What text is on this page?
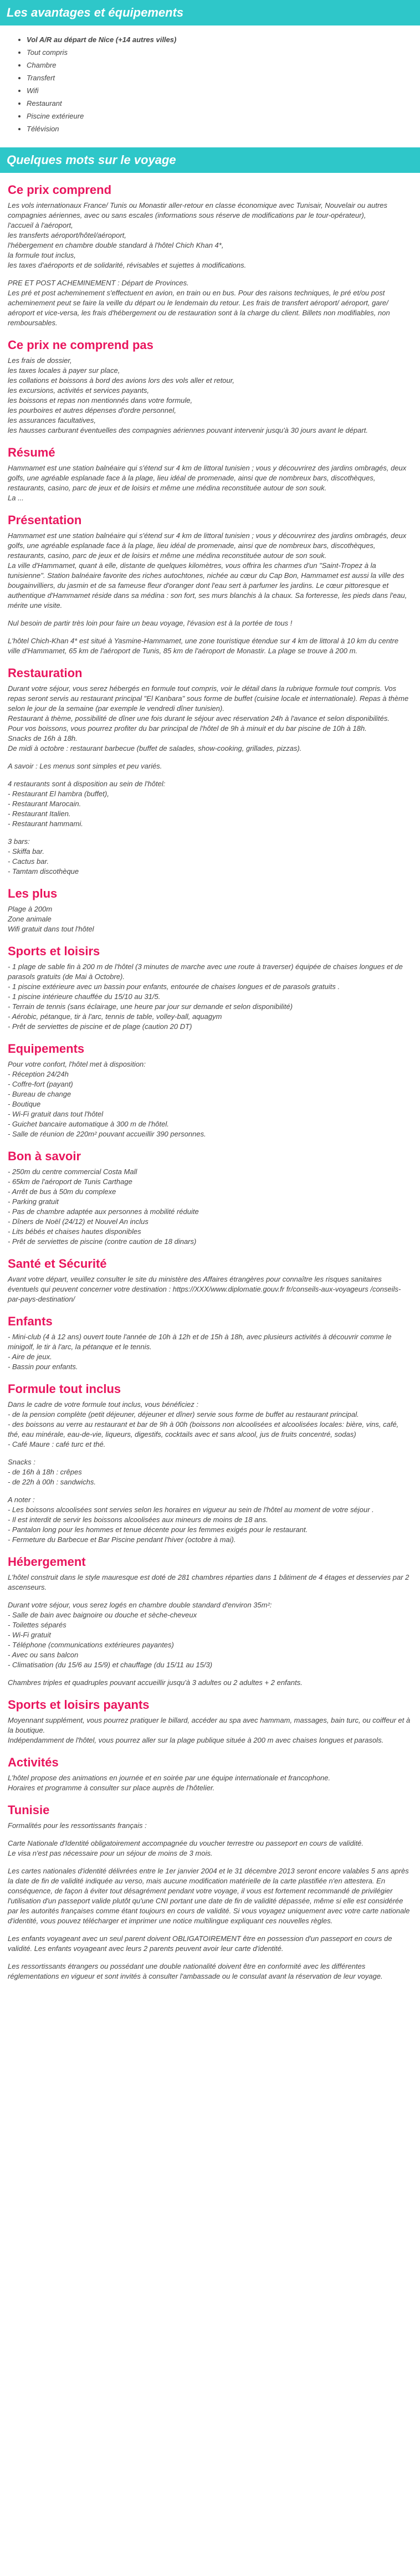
Les avantages et équipements
• Vol A/R au départ de Nice (+14 autres villes)
• Tout compris
• Chambre
• Transfert
• Wifi
• Restaurant
• Piscine extérieure
• Télévision
Quelques mots sur le voyage
Ce prix comprend

Les vols internationaux France/ Tunis ou Monastir aller-retour en classe économique avec Tunisair, Nouvelair ou autres compagnies aériennes, avec ou sans escales (informations sous réserve de modifications par le tour-opérateur),
l'accueil à l'aéroport,
les transferts aéroport/hôtel/aéroport,
l'hébergement en chambre double standard à l'hôtel Chich Khan 4*,
la formule tout inclus,
les taxes d'aéroports et de solidarité, révisables et sujettes à modifications.

PRE ET POST ACHEMINEMENT : Départ de Provinces.
Les pré et post acheminement s'effectuent en avion, en train ou en bus. Pour des raisons techniques, le pré et/ou post acheminement peut se faire la veille du départ ou le lendemain du retour. Les frais de transfert aéroport/ aéroport, gare/ aéroport et vice-versa, les frais d'hébergement ou de restauration sont à la charge du client. Billets non modifiables, non remboursables.

Ce prix ne comprend pas

Les frais de dossier,
les taxes locales à payer sur place,
les collations et boissons à bord des avions lors des vols aller et retour,
les excursions, activités et services payants,
les boissons et repas non mentionnés dans votre formule,
les pourboires et autres dépenses d'ordre personnel,
les assurances facultatives,
les hausses carburant éventuelles des compagnies aériennes pouvant intervenir jusqu'à 30 jours avant le départ.

Résumé

Hammamet est une station balnéaire qui s'étend sur 4 km de littoral tunisien ; vous y découvrirez des jardins ombragés, deux golfs, une agréable esplanade face à la plage, lieu idéal de promenade, ainsi que de nombreux bars, discothèques, restaurants, casino, parc de jeux et de loisirs et même une médina reconstituée autour de son souk.
La ...

Présentation

Hammamet est une station balnéaire qui s'étend sur 4 km de littoral tunisien ; vous y découvrirez des jardins ombragés, deux golfs, une agréable esplanade face à la plage, lieu idéal de promenade, ainsi que de nombreux bars, discothèques, restaurants, casino, parc de jeux et de loisirs et même une médina reconstituée autour de son souk.
La ville d'Hammamet, quant à elle, distante de quelques kilomètres, vous offrira les charmes d'un "Saint-Tropez à la tunisienne". Station balnéaire favorite des riches autochtones, nichée au cœur du Cap Bon, Hammamet est aussi la ville des bougainvilliers, du jasmin et de sa fameuse fleur d'oranger dont l'eau sert à parfumer les jardins. Le cœur pittoresque et authentique d'Hammamet réside dans sa médina : son fort, ses murs blanchis à la chaux. Sa forteresse, les pieds dans l'eau, mérite une visite.

Nul besoin de partir très loin pour faire un beau voyage, l'évasion est à la portée de tous !

L'hôtel Chich-Khan 4* est situé à Yasmine-Hammamet, une zone touristique étendue sur 4 km de littoral à 10 km du centre ville d'Hammamet, 65 km de l'aéroport de Tunis, 85 km de l'aéroport de Monastir. La plage se trouve à 200 m.

Restauration

Durant votre séjour, vous serez hébergés en formule tout compris, voir le détail dans la rubrique formule tout compris. Vos repas seront servis au restaurant principal "El Kanbara" sous forme de buffet (cuisine locale et internationale). Repas à thème selon le jour de la semaine (par exemple le vendredi dîner tunisien).
Restaurant à thème, possibilité de dîner une fois durant le séjour avec réservation 24h à l'avance et selon disponibilités.
Pour vos boissons, vous pourrez profiter du bar principal de l'hôtel de 9h à minuit et du bar piscine de 10h à 18h.
Snacks de 16h à 18h.
De midi à octobre : restaurant barbecue (buffet de salades, show-cooking, grillades, pizzas).

A savoir : Les menus sont simples et peu variés.

4 restaurants sont à disposition au sein de l'hôtel:
- Restaurant El hambra (buffet),
- Restaurant Marocain.
- Restaurant Italien.
- Restaurant hammami.

3 bars:
- Skiffa bar.
- Cactus bar.
- Tamtam discothèque

Les plus

Plage à 200m
Zone animale
Wifi gratuit dans tout l'hôtel

Sports et loisirs

- 1 plage de sable fin à 200 m de l'hôtel (3 minutes de marche avec une route à traverser) équipée de chaises longues et de parasols gratuits (de Mai à Octobre).
- 1 piscine extérieure avec un bassin pour enfants, entourée de chaises longues et de parasols gratuits .
- 1 piscine intérieure chauffée du 15/10 au 31/5.
- Terrain de tennis (sans éclairage, une heure par jour sur demande et selon disponibilité)
- Aérobic, pétanque, tir à l'arc, tennis de table, volley-ball, aquagym
- Prêt de serviettes de piscine et de plage (caution 20 DT)

Equipements

Pour votre confort, l'hôtel met à disposition:
- Réception 24/24h
- Coffre-fort (payant)
- Bureau de change
- Boutique
- Wi-Fi gratuit dans tout l'hôtel
- Guichet bancaire automatique à 300 m de l'hôtel.
- Salle de réunion de 220m² pouvant accueillir 390 personnes.

Bon à savoir

- 250m du centre commercial Costa Mall
- 65km de l'aéroport de Tunis Carthage
- Arrêt de bus à 50m du complexe
- Parking gratuit
- Pas de chambre adaptée aux personnes à mobilité réduite
- Dîners de Noël (24/12) et Nouvel An inclus
- Lits bébés et chaises hautes disponibles
- Prêt de serviettes de piscine (contre caution de 18 dinars)

Santé et Sécurité

Avant votre départ, veuillez consulter le site du ministère des Affaires étrangères pour connaître les risques sanitaires éventuels qui peuvent concerner votre destination : https://XXX/www.diplomatie.gouv.fr fr/conseils-aux-voyageurs /conseils-par-pays-destination/

Enfants

- Mini-club (4 à 12 ans) ouvert toute l'année de 10h à 12h et de 15h à 18h, avec plusieurs activités à découvrir comme le minigolf, le tir à l'arc, la pétanque et le tennis.
- Aire de jeux.
- Bassin pour enfants.

Formule tout inclus

Dans le cadre de votre formule tout inclus, vous bénéficiez :
- de la pension complète (petit déjeuner, déjeuner et dîner) servie sous forme de buffet au restaurant principal.
- des boissons au verre au restaurant et bar de 9h à 00h (boissons non alcoolisées et alcoolisées locales: bière, vins, café, thé, eau minérale, eau-de-vie, liqueurs, digestifs, cocktails avec et sans alcool, jus de fruits concentré, sodas)
- Café Maure : café turc et thé.

Snacks :
- de 16h à 18h : crêpes
- de 22h à 00h : sandwichs.

A noter :
- Les boissons alcoolisées sont servies selon les horaires en vigueur au sein de l'hôtel au moment de votre séjour .
- Il est interdit de servir les boissons alcoolisées aux mineurs de moins de 18 ans.
- Pantalon long pour les hommes et tenue décente pour les femmes exigés pour le restaurant.
- Fermeture du Barbecue et Bar Piscine pendant l'hiver (octobre à mai).

Hébergement

L'hôtel construit dans le style mauresque est doté de 281 chambres réparties dans 1 bâtiment de 4 étages et desservies par 2 ascenseurs.

Durant votre séjour, vous serez logés en chambre double standard d'environ 35m²:
- Salle de bain avec baignoire ou douche et sèche-cheveux
- Toilettes séparés
- Wi-Fi gratuit
- Téléphone (communications extérieures payantes)
- Avec ou sans balcon
- Climatisation (du 15/6 au 15/9) et chauffage (du 15/11 au 15/3)

Chambres triples et quadruples pouvant accueillir jusqu'à 3 adultes ou 2 adultes + 2 enfants.

Sports et loisirs payants

Moyennant supplément, vous pourrez pratiquer le billard, accéder au spa avec hammam, massages, bain turc, ou coiffeur et à la boutique.
Indépendamment de l'hôtel, vous pourrez aller sur la plage publique située à 200 m avec chaises longues et parasols.

Activités

L'hôtel propose des animations en journée et en soirée par une équipe internationale et francophone.
Horaires et programme à consulter sur place auprès de l'hôtelier.

Tunisie

Formalités pour les ressortissants français :

Carte Nationale d'Identité obligatoirement accompagnée du voucher terrestre ou passeport en cours de validité.
Le visa n'est pas nécessaire pour un séjour de moins de 3 mois.

Les cartes nationales d'identité délivrées entre le 1er janvier 2004 et le 31 décembre 2013 seront encore valables 5 ans après la date de fin de validité indiquée au verso, mais aucune modification matérielle de la carte plastifiée n'en attestera. En conséquence, de façon à éviter tout désagrément pendant votre voyage, il vous est fortement recommandé de privilégier l'utilisation d'un passeport valide plutôt qu'une CNI portant une date de fin de validité dépassée, même si elle est considérée par les autorités françaises comme étant toujours en cours de validité. Si vous voyagez uniquement avec votre carte nationale d'identité, vous pouvez télécharger et imprimer une notice multilingue expliquant ces nouvelles règles.

Les enfants voyageant avec un seul parent doivent OBLIGATOIREMENT être en possession d'un passeport en cours de validité. Les enfants voyageant avec leurs 2 parents peuvent avoir leur carte d'identité.

Les ressortissants étrangers ou possédant une double nationalité doivent être en conformité avec les différentes réglementations en vigueur et sont invités à consulter l'ambassade ou le consulat avant la réservation de leur voyage.
